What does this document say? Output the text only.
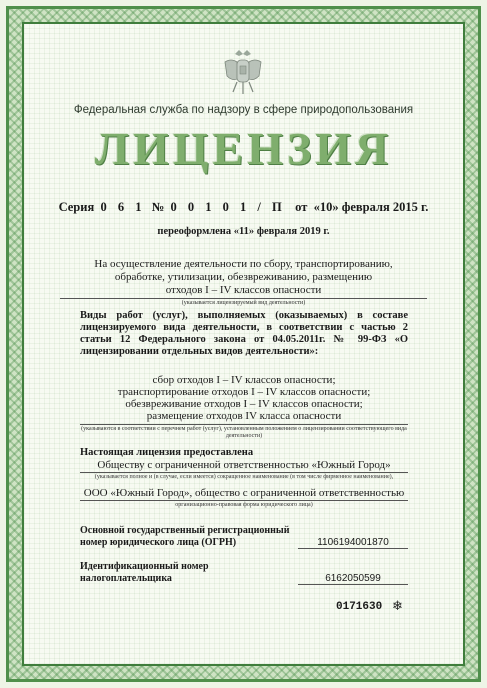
Федеральная служба по надзору в сфере природопользования
ЛИЦЕНЗИЯ
Серия 0 6 1 № 0 0 1 0 1 / П от «10» февраля 2015 г.
переоформлена «11» февраля 2019 г.
На осуществление деятельности по сбору, транспортированию,
обработке, утилизации, обезвреживанию, размещению
отходов I – IV классов опасности
(указывается лицензируемый вид деятельности)
Виды работ (услуг), выполняемых (оказываемых) в составе лицензируемого вида деятельности, в соответствии с частью 2 статьи 12 Федерального закона от 04.05.2011г. № 99-ФЗ «О лицензировании отдельных видов деятельности»:
сбор отходов I – IV классов опасности;
транспортирование отходов I – IV классов опасности;
обезвреживание отходов I – IV классов опасности;
размещение отходов IV класса опасности
(указываются в соответствии с перечнем работ (услуг), установленным положением о лицензировании соответствующего вида деятельности)
Настоящая лицензия предоставлена
Обществу с ограниченной ответственностью «Южный Город»
(указывается полное и (в случае, если имеется) сокращенное наименование (в том числе фирменное наименование),
ООО «Южный Город», общество с ограниченной ответственностью
организационно-правовая форма юридического лица)
Основной государственный регистрационный
номер юридического лица (ОГРН)	1106194001870
Идентификационный номер
налогоплательщика	6162050599
0171630 ❄
